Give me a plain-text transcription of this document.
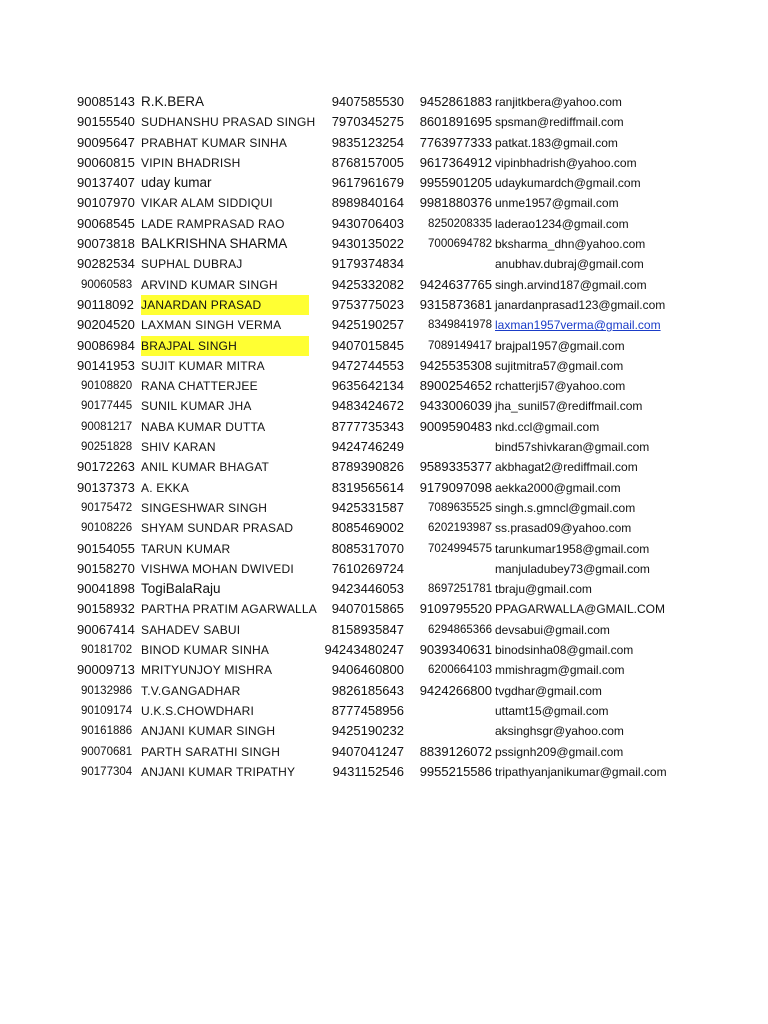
90085143 R.K.BERA	9407585530 9452861883 ranjitkbera@yahoo.com
90155540 SUDHANSHU PRASAD SINGH 7970345275 8601891695 spsman@rediffmail.com
90095647 PRABHAT KUMAR SINHA	9835123254 7763977333 patkat.183@gmail.com
90060815 VIPIN BHADRISH	8768157005 9617364912 vipinbhadrish@yahoo.com
90137407 uday kumar	9617961679 9955901205 udaykumardch@gmail.com
90107970 VIKAR ALAM SIDDIQUI	8989840164 9981880376 unme1957@gmail.com
90068545 LADE RAMPRASAD RAO	9430706403 8250208335 laderao1234@gmail.com
90073818 BALKRISHNA SHARMA	9430135022 7000694782 bksharma_dhn@yahoo.com
90282534 SUPHAL DUBRAJ	9179374834	anubhav.dubraj@gmail.com
90060583 ARVIND KUMAR SINGH	9425332082 9424637765 singh.arvind187@gmail.com
90118092 JANARDAN PRASAD	9753775023 9315873681 janardanprasad123@gmail.com
90204520 LAXMAN SINGH VERMA	9425190257 8349841978 laxman1957verma@gmail.com
90086984 BRAJPAL SINGH	9407015845 7089149417 brajpal1957@gmail.com
90141953 SUJIT KUMAR MITRA	9472744553 9425535308 sujitmitra57@gmail.com
90108820 RANA CHATTERJEE	9635642134 8900254652 rchatterji57@yahoo.com
90177445 SUNIL KUMAR JHA	9483424672 9433006039 jha_sunil57@rediffmail.com
90081217 NABA KUMAR DUTTA	8777735343 9009590483 nkd.ccl@gmail.com
90251828 SHIV KARAN	9424746249	bind57shivkaran@gmail.com
90172263 ANIL KUMAR BHAGAT	8789390826 9589335377 akbhagat2@rediffmail.com
90137373 A. EKKA	8319565614 9179097098 aekka2000@gmail.com
90175472 SINGESHWAR SINGH	9425331587 7089635525 singh.s.gmncl@gmail.com
90108226 SHYAM SUNDAR PRASAD	8085469002 6202193987 ss.prasad09@yahoo.com
90154055 TARUN KUMAR	8085317070 7024994575 tarunkumar1958@gmail.com
90158270 VISHWA MOHAN DWIVEDI	7610269724	manjuladubey73@gmail.com
90041898 TogiBalaRaju	9423446053 8697251781 tbraju@gmail.com
90158932 PARTHA PRATIM AGARWALLA 9407015865 9109795520 PPAGARWALLA@GMAIL.COM
90067414 SAHADEV SABUI	8158935847 6294865366 devsabui@gmail.com
90181702 BINOD KUMAR SINHA	94243480247 9039340631 binodsinha08@gmail.com
90009713 MRITYUNJOY MISHRA	9406460800 6200664103 mmishragm@gmail.com
90132986 T.V.GANGADHAR	9826185643 9424266800 tvgdhar@gmail.com
90109174 U.K.S.CHOWDHARI	8777458956	uttamt15@gmail.com
90161886 ANJANI KUMAR SINGH	9425190232	aksinghsgr@yahoo.com
90070681 PARTH SARATHI SINGH	9407041247 8839126072 pssignh209@gmail.com
90177304 ANJANI KUMAR TRIPATHY	9431152546 9955215586 tripathyanjanikumar@gmail.com
